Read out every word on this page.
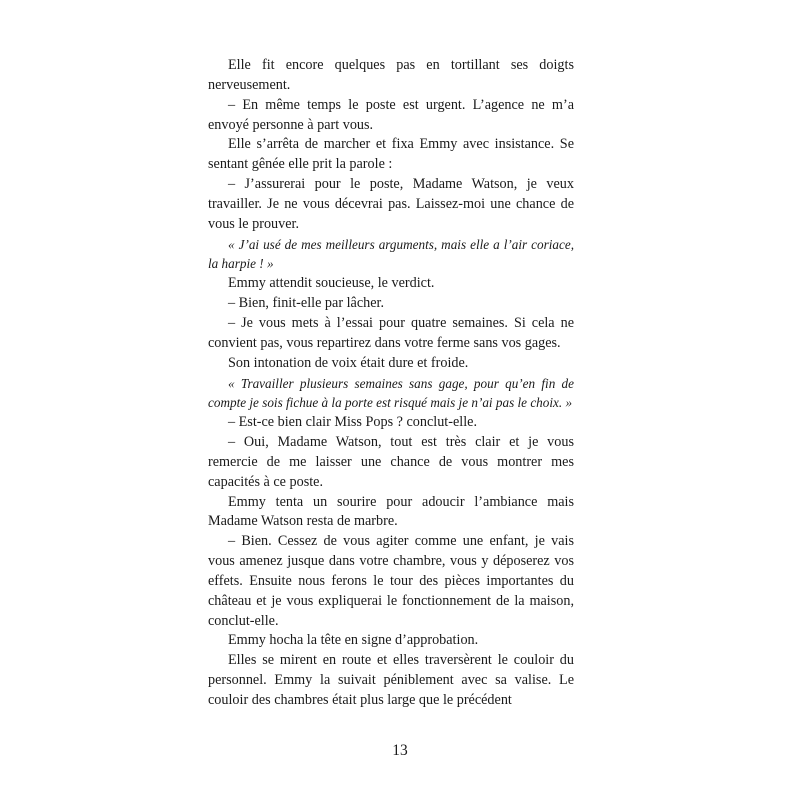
Elle fit encore quelques pas en tortillant ses doigts nerveusement.

– En même temps le poste est urgent. L’agence ne m’a envoyé personne à part vous.

Elle s’arrêta de marcher et fixa Emmy avec insistance. Se sentant gênée elle prit la parole :

– J’assurerai pour le poste, Madame Watson, je veux travailler. Je ne vous décevrai pas. Laissez-moi une chance de vous le prouver.

« J’ai usé de mes meilleurs arguments, mais elle a l’air coriace, la harpie ! »

Emmy attendit soucieuse, le verdict.

– Bien, finit-elle par lâcher.

– Je vous mets à l’essai pour quatre semaines. Si cela ne convient pas, vous repartirez dans votre ferme sans vos gages.

Son intonation de voix était dure et froide.

« Travailler plusieurs semaines sans gage, pour qu’en fin de compte je sois fichue à la porte est risqué mais je n’ai pas le choix. »

– Est-ce bien clair Miss Pops ? conclut-elle.

– Oui, Madame Watson, tout est très clair et je vous remercie de me laisser une chance de vous montrer mes capacités à ce poste.

Emmy tenta un sourire pour adoucir l’ambiance mais Madame Watson resta de marbre.

– Bien. Cessez de vous agiter comme une enfant, je vais vous amenez jusque dans votre chambre, vous y déposerez vos effets. Ensuite nous ferons le tour des pièces importantes du château et je vous expliquerai le fonctionnement de la maison, conclut-elle.

Emmy hocha la tête en signe d’approbation.

Elles se mirent en route et elles traversèrent le couloir du personnel. Emmy la suivait péniblement avec sa valise. Le couloir des chambres était plus large que le précédent

13
